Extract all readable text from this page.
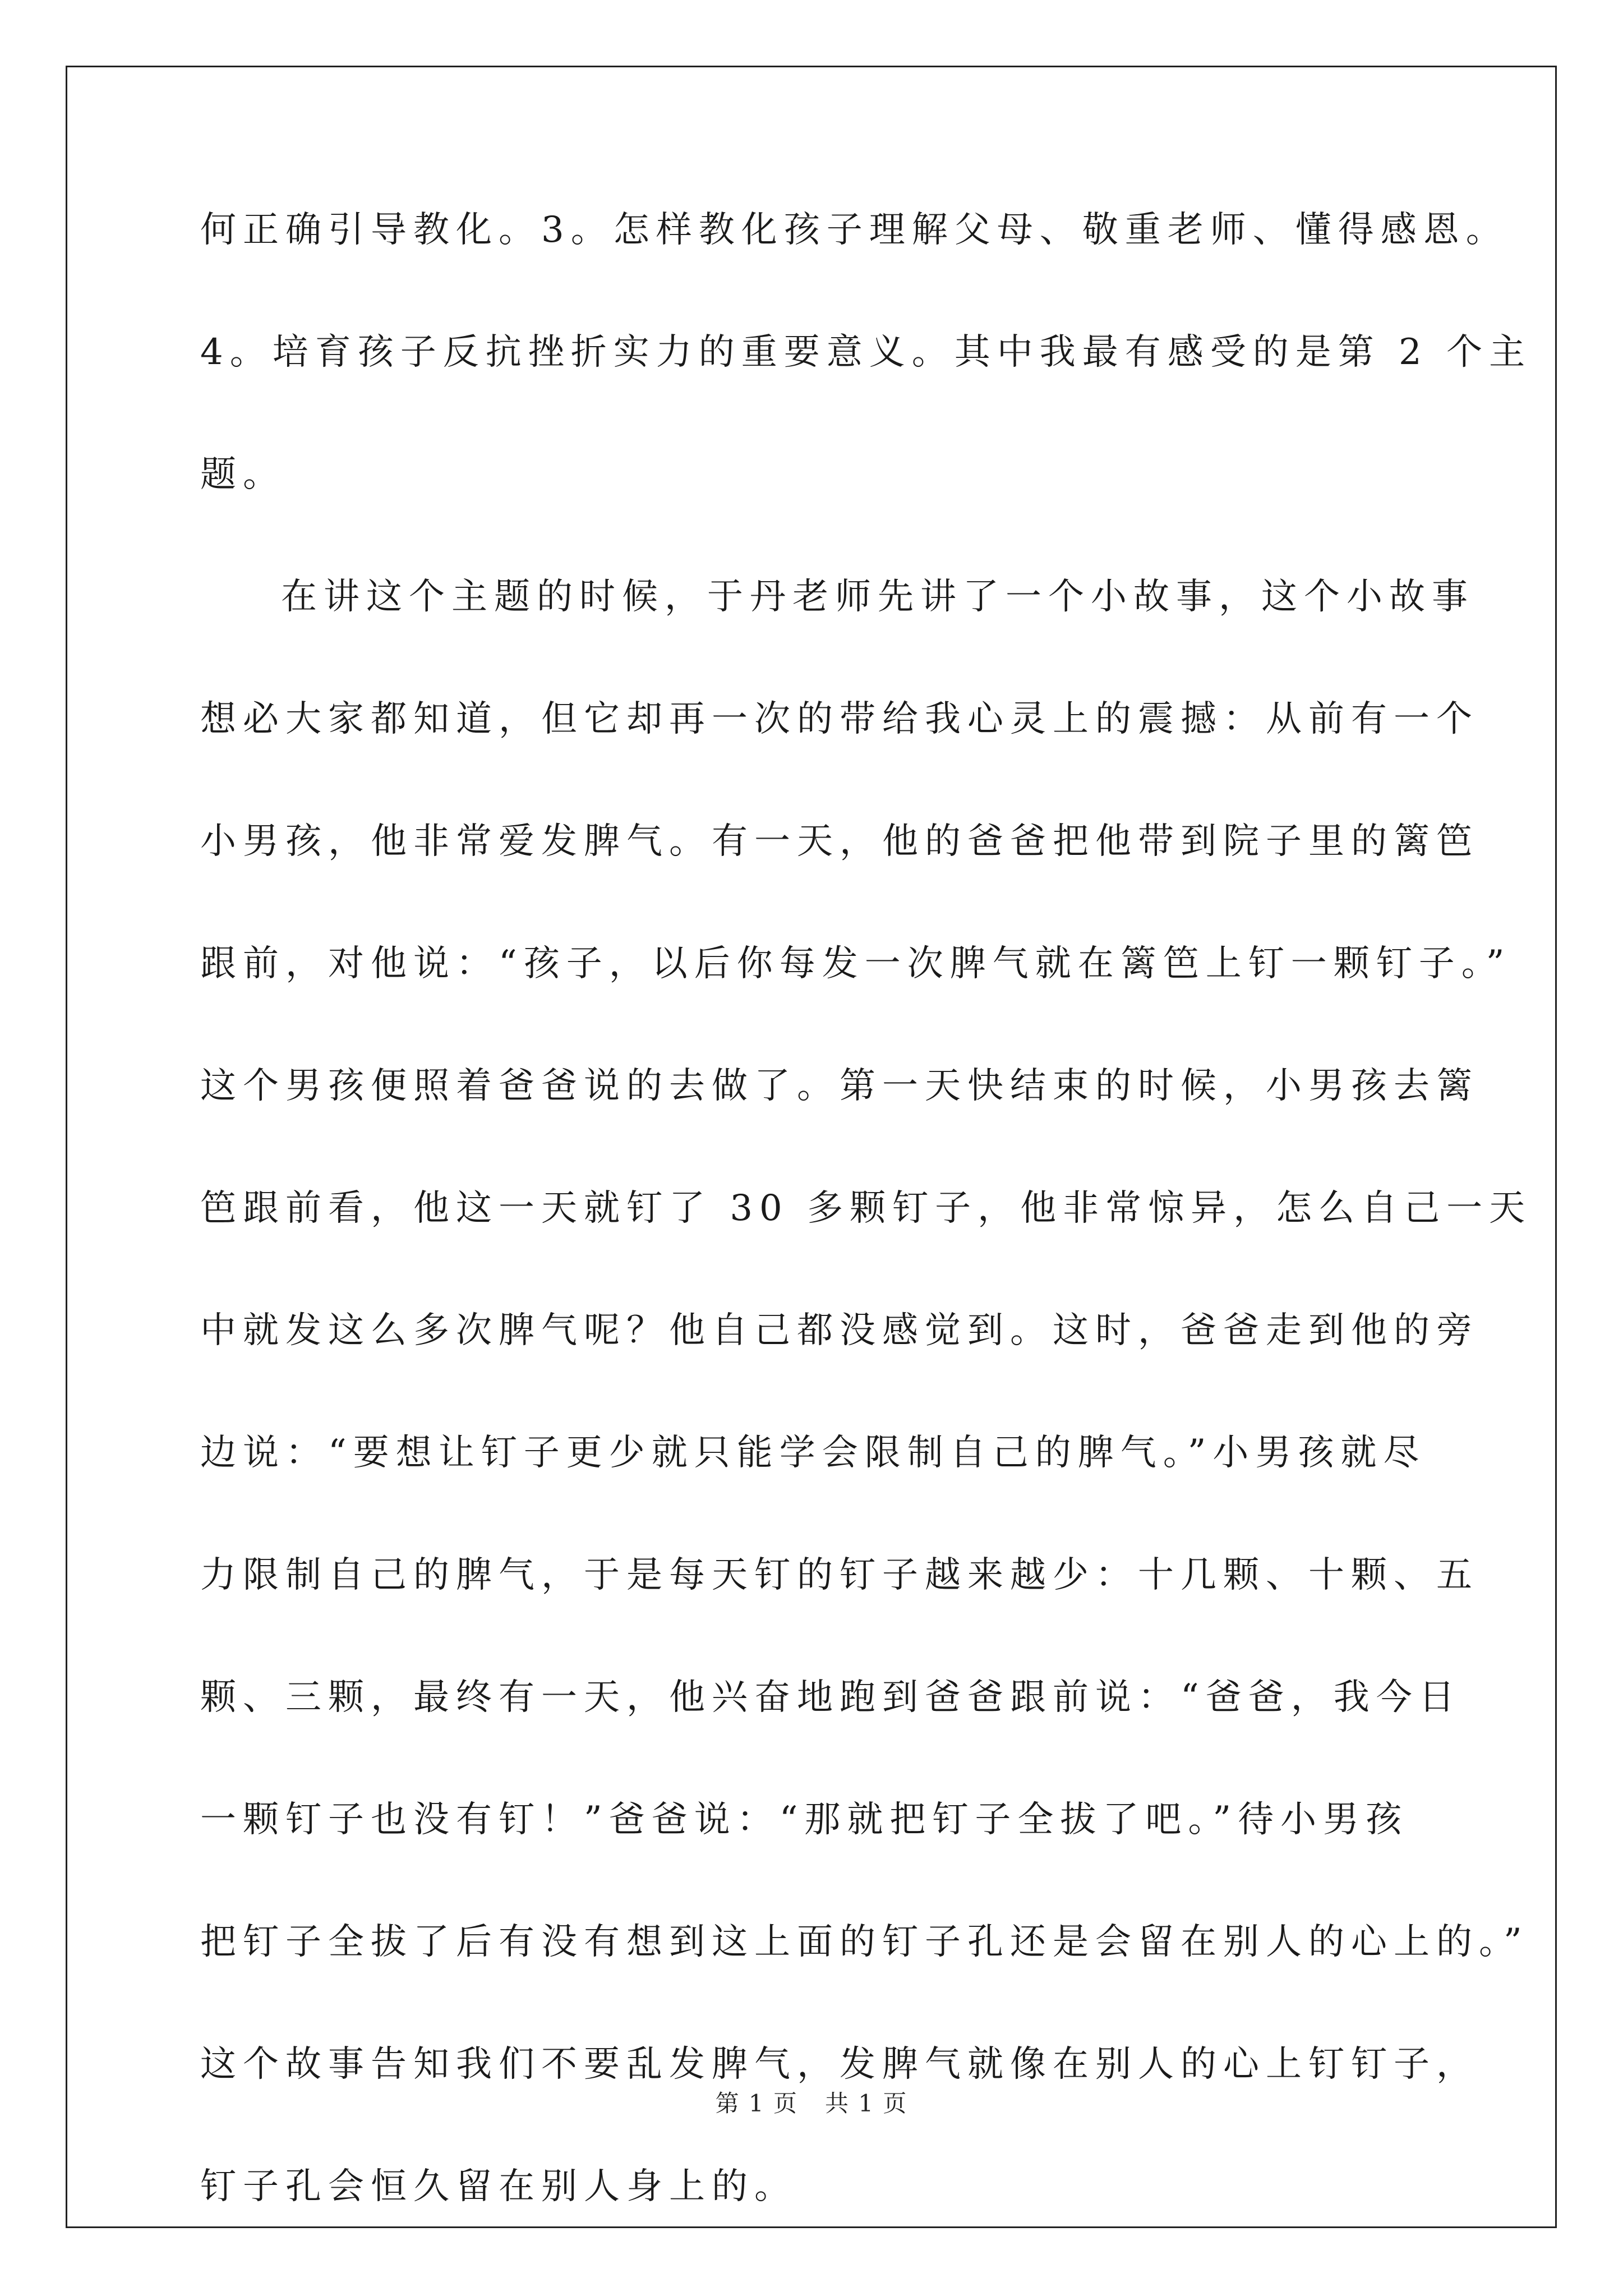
何正确引导教化。3。怎样教化孩子理解父母、敬重老师、懂得感恩。
4。培育孩子反抗挫折实力的重要意义。其中我最有感受的是第 2 个主
题。
在讲这个主题的时候，于丹老师先讲了一个小故事，这个小故事
想必大家都知道，但它却再一次的带给我心灵上的震撼：从前有一个
小男孩，他非常爱发脾气。有一天，他的爸爸把他带到院子里的篱笆
跟前，对他说：“孩子，以后你每发一次脾气就在篱笆上钉一颗钉子。”
这个男孩便照着爸爸说的去做了。第一天快结束的时候，小男孩去篱
笆跟前看，他这一天就钉了 30 多颗钉子，他非常惊异，怎么自己一天
中就发这么多次脾气呢？他自己都没感觉到。这时，爸爸走到他的旁
边说：“要想让钉子更少就只能学会限制自己的脾气。”小男孩就尽
力限制自己的脾气，于是每天钉的钉子越来越少：十几颗、十颗、五
颗、三颗，最终有一天，他兴奋地跑到爸爸跟前说：“爸爸，我今日
一颗钉子也没有钉！”爸爸说：“那就把钉子全拔了吧。”待小男孩
把钉子全拔了后有没有想到这上面的钉子孔还是会留在别人的心上的。”
这个故事告知我们不要乱发脾气，发脾气就像在别人的心上钉钉子，
钉子孔会恒久留在别人身上的。
第 1 页 共 1 页
